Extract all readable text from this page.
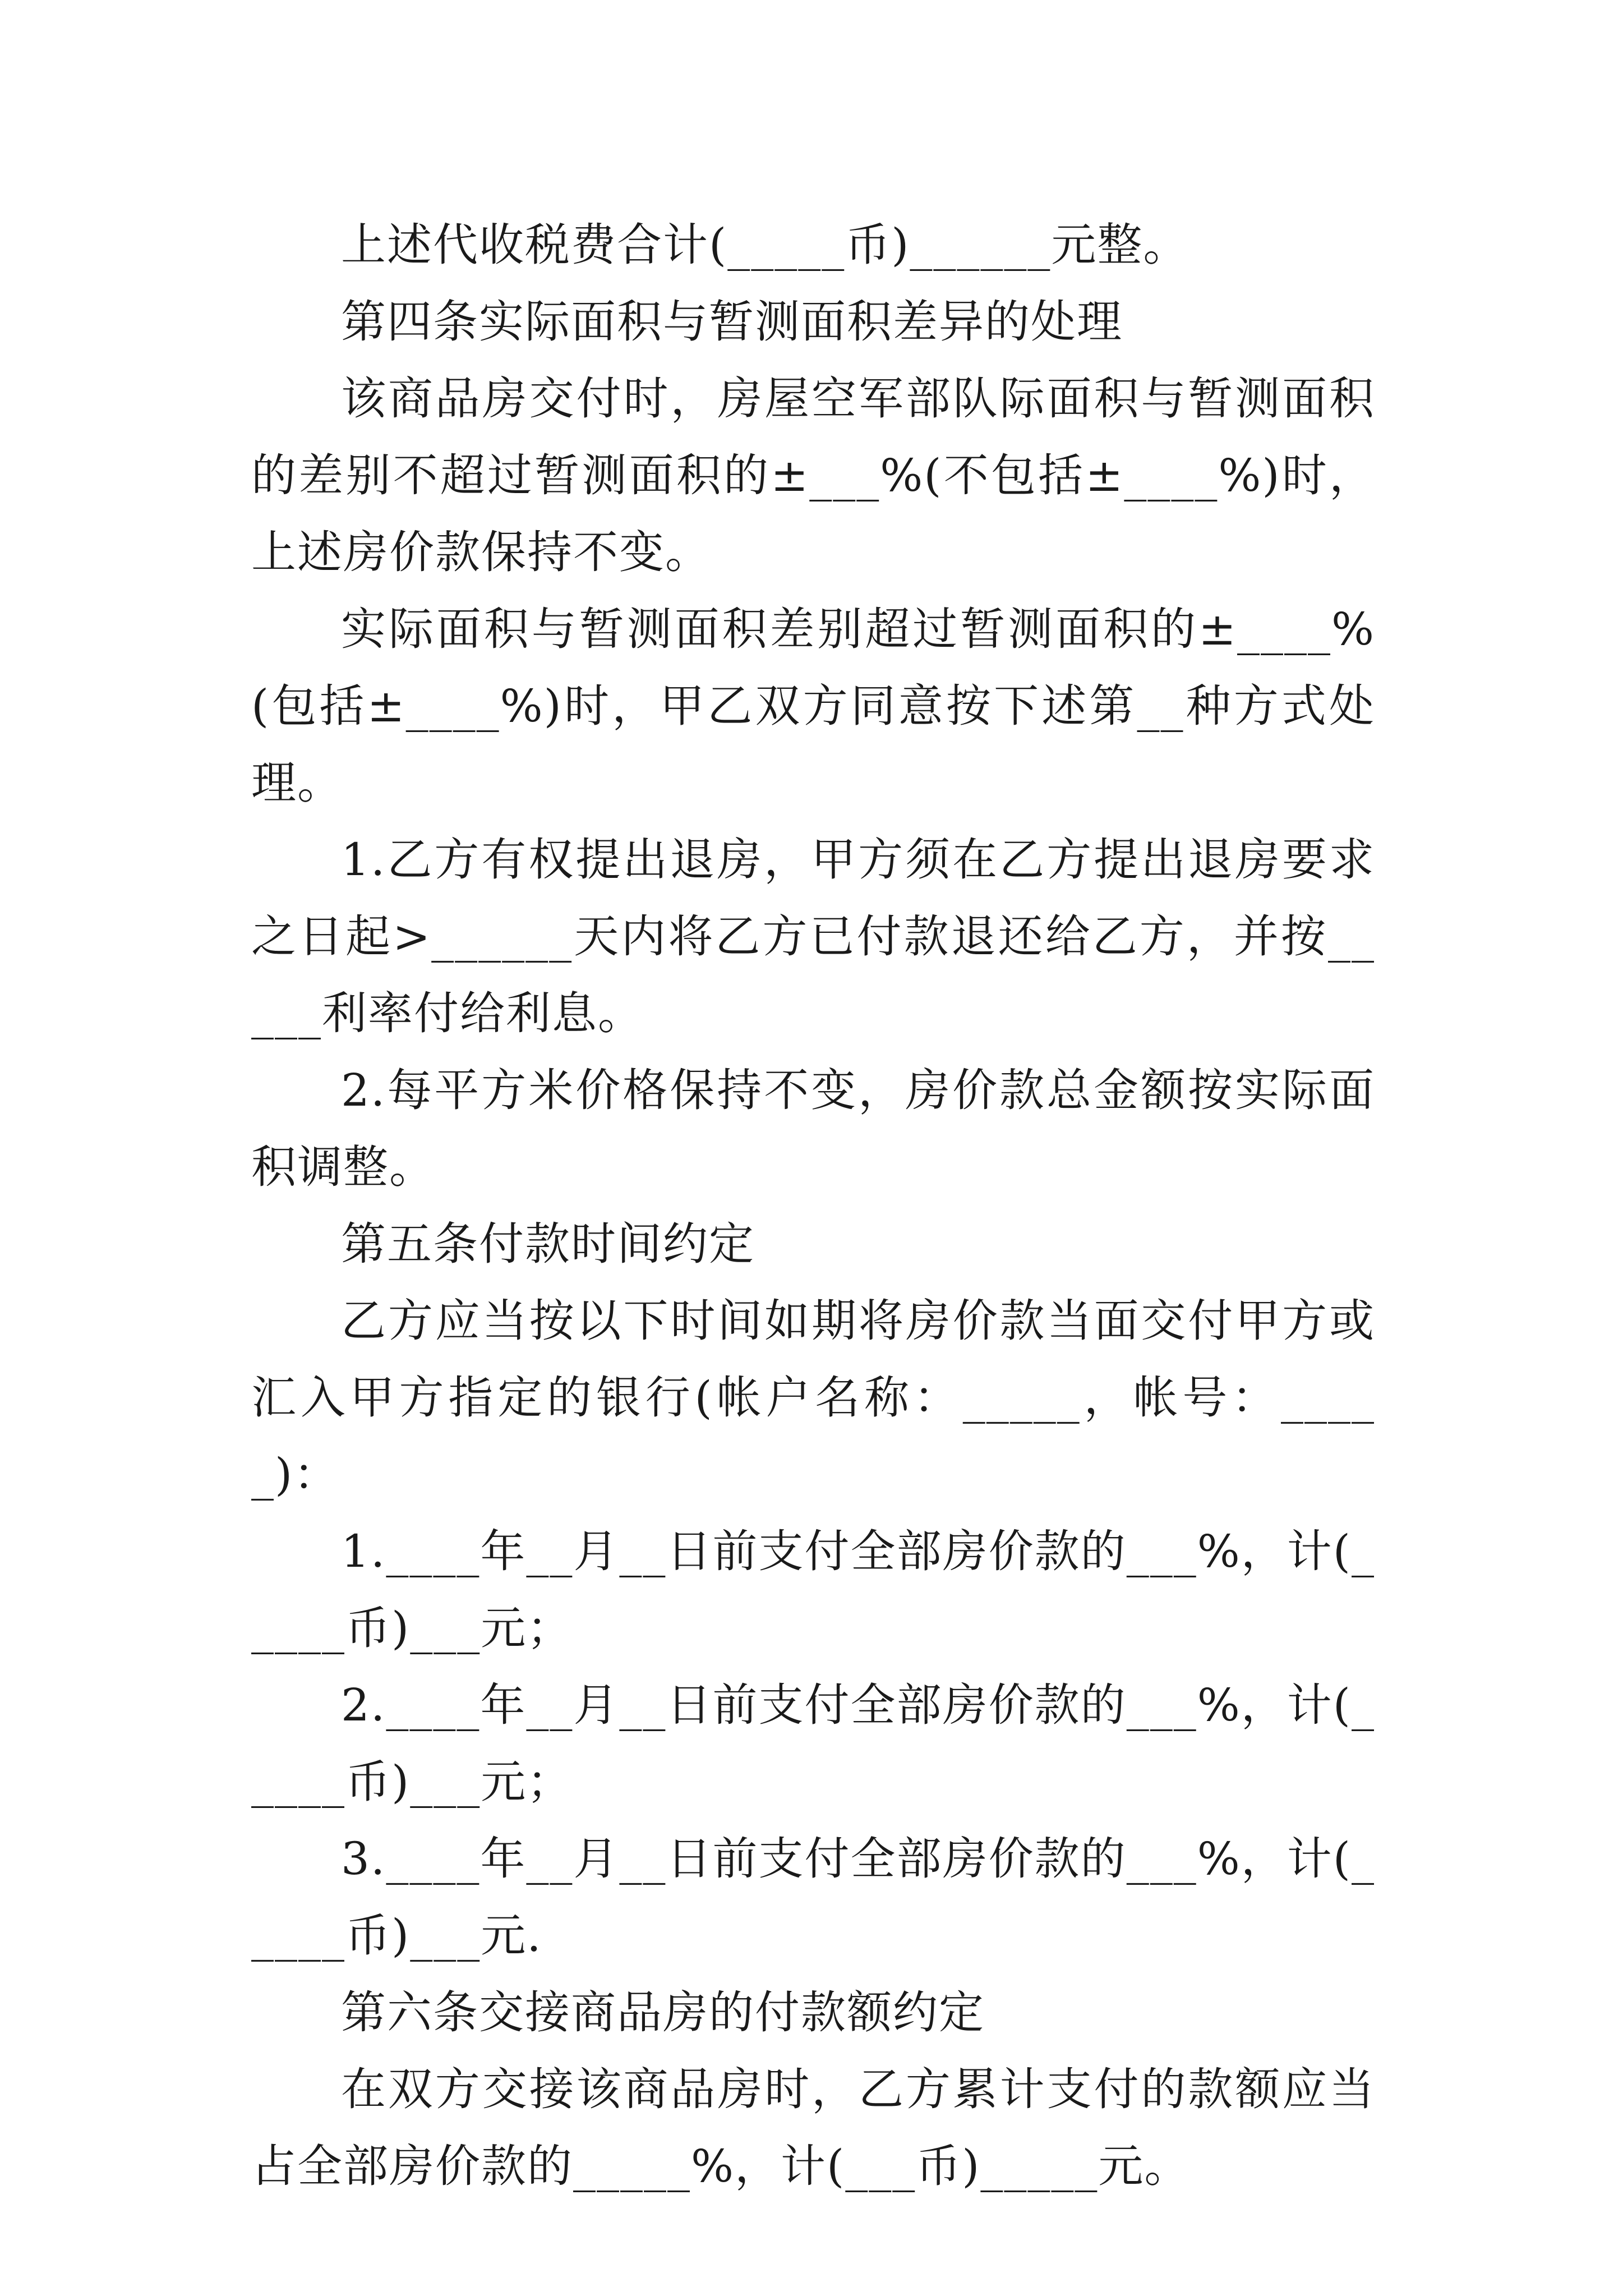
上述代收税费合计(_____币)______元整。

第四条实际面积与暂测面积差异的处理

该商品房交付时，房屋空军部队际面积与暂测面积的差别不超过暂测面积的±___%(不包括±____%)时，上述房价款保持不变。

实际面积与暂测面积差别超过暂测面积的±____%(包括±____%)时，甲乙双方同意按下述第__种方式处理。

1.乙方有权提出退房，甲方须在乙方提出退房要求之日起>______天内将乙方已付款退还给乙方，并按_____利率付给利息。

2.每平方米价格保持不变，房价款总金额按实际面积调整。

第五条付款时间约定

乙方应当按以下时间如期将房价款当面交付甲方或汇入甲方指定的银行(帐户名称：_____，帐号：_____)：

1.____年__月__日前支付全部房价款的___%，计(_____币)___元；

2.____年__月__日前支付全部房价款的___%，计(_____币)___元；

3.____年__月__日前支付全部房价款的___%，计(_____币)___元.

第六条交接商品房的付款额约定

在双方交接该商品房时，乙方累计支付的款额应当占全部房价款的_____%，计(___币)_____元。
